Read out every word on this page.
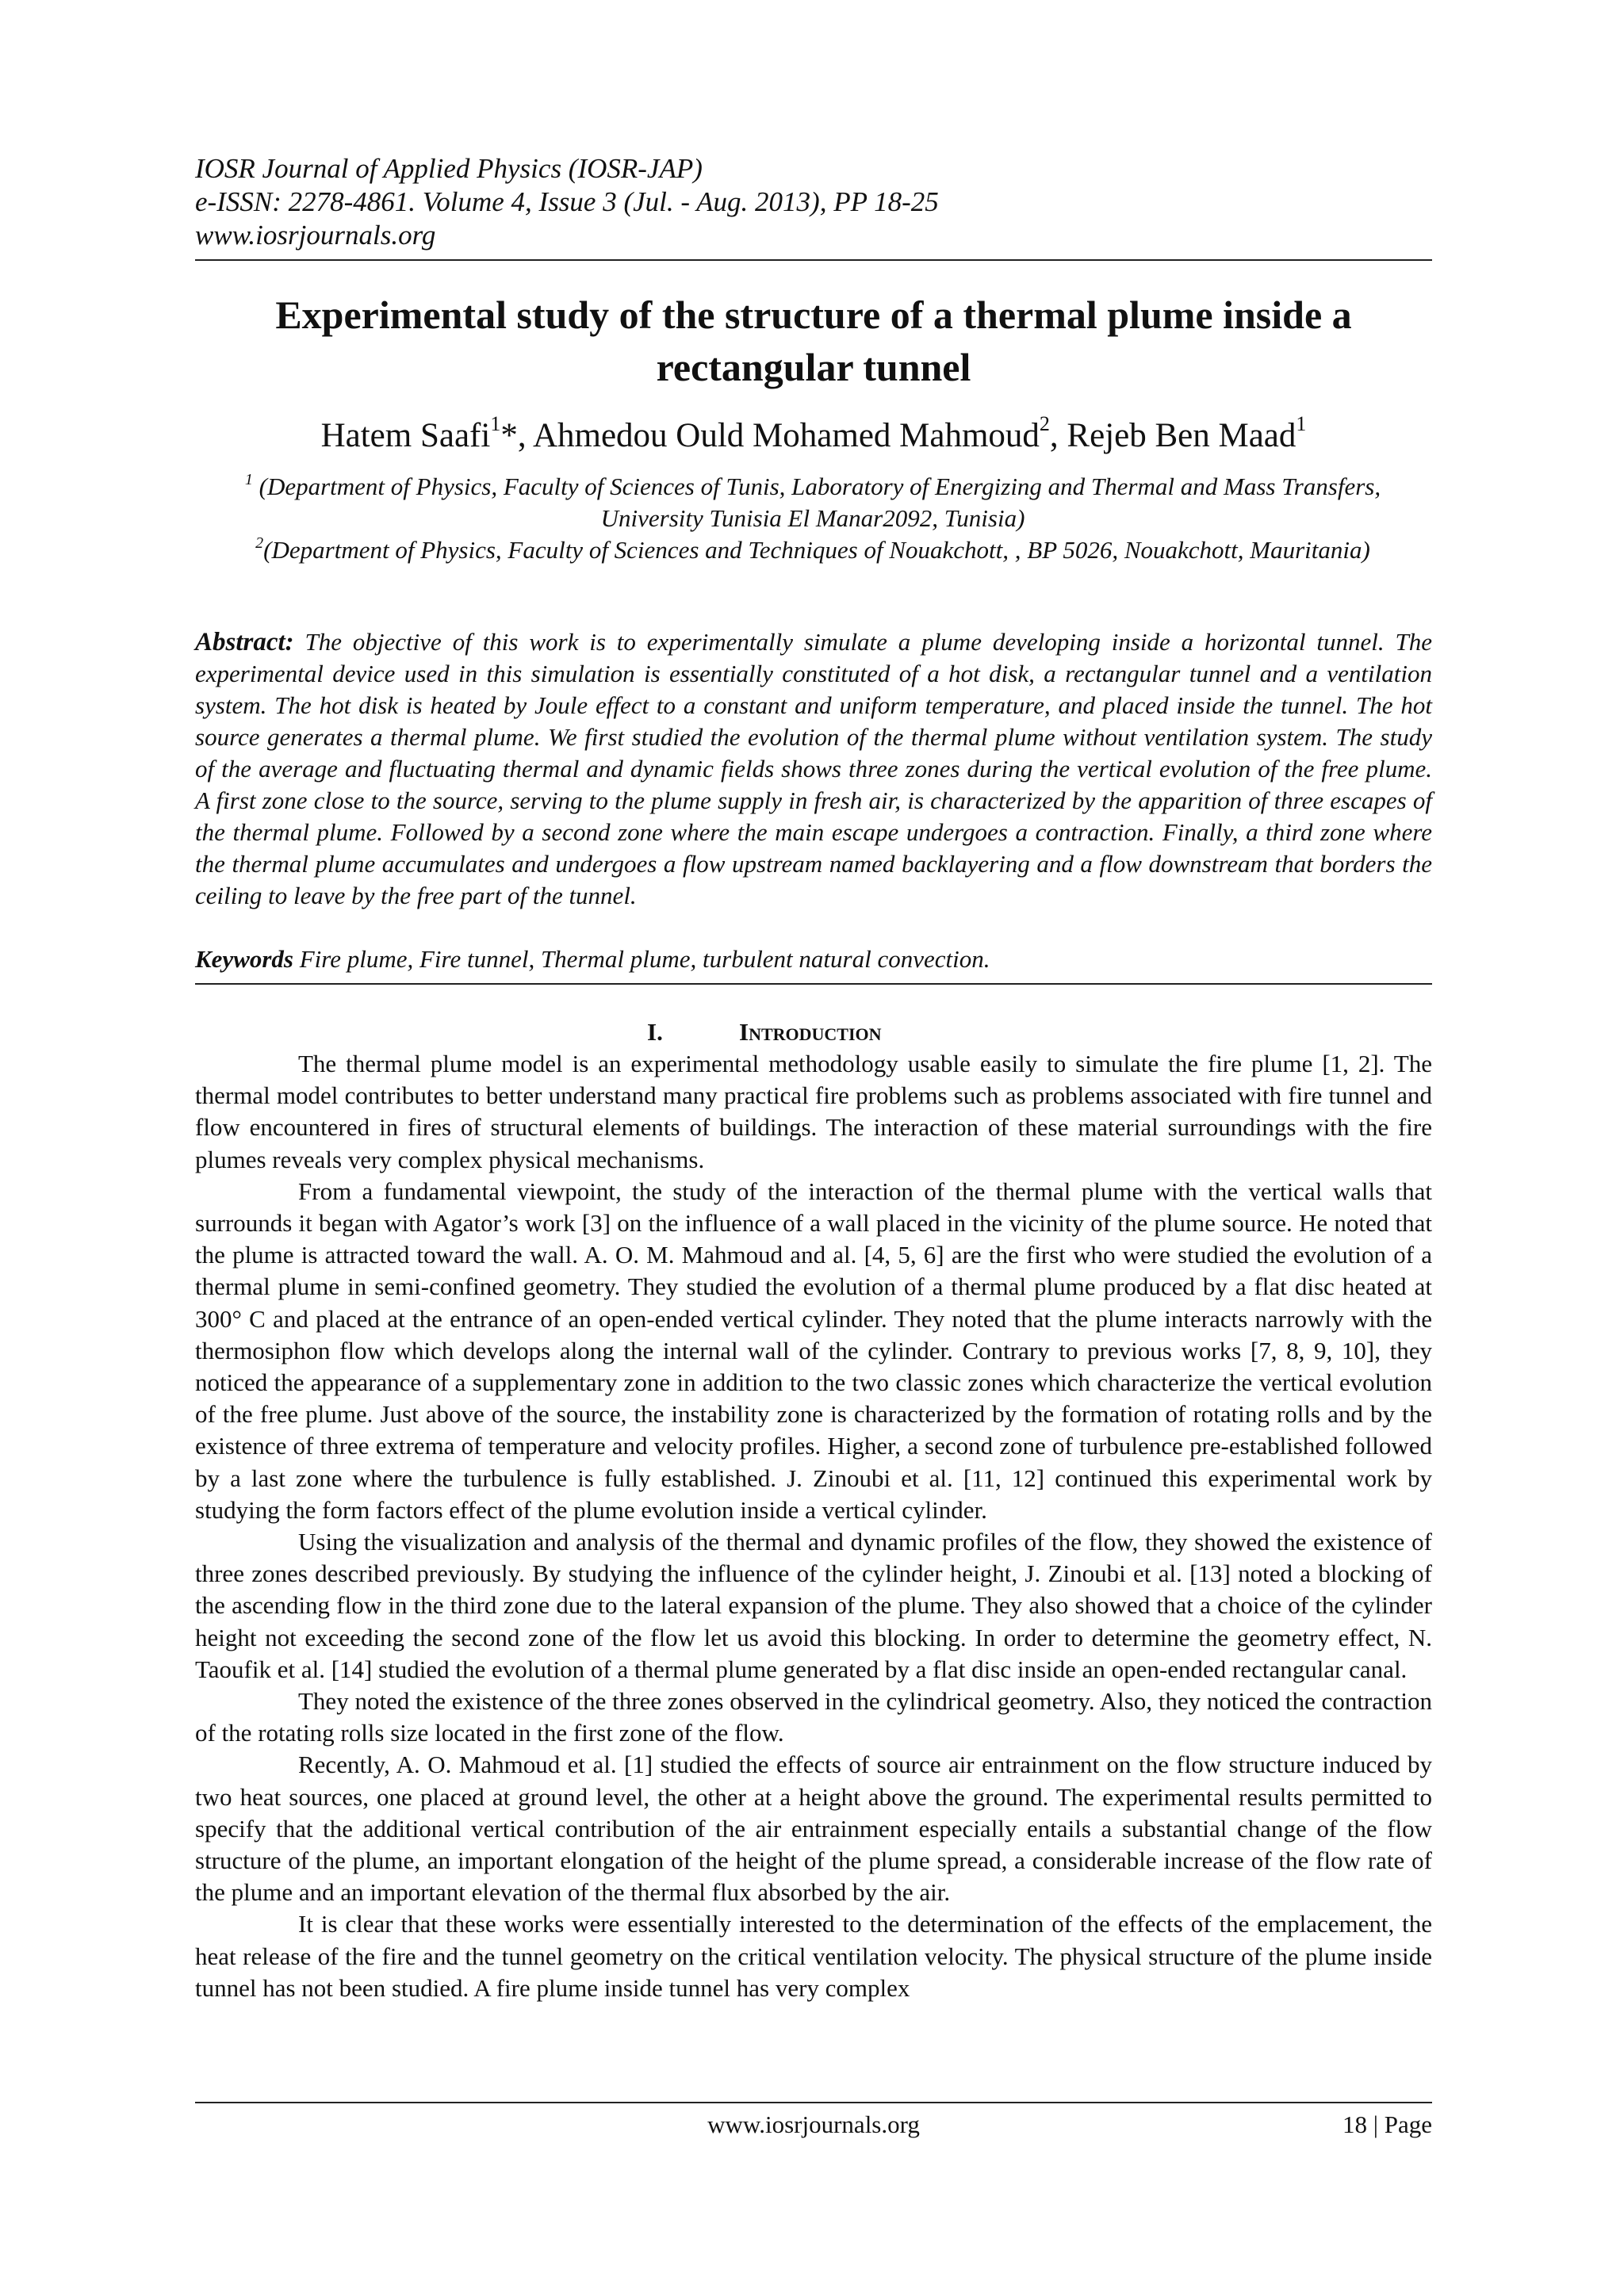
IOSR Journal of Applied Physics (IOSR-JAP)
e-ISSN: 2278-4861. Volume 4, Issue 3 (Jul. - Aug. 2013), PP 18-25
www.iosrjournals.org
Experimental study of the structure of a thermal plume inside a rectangular tunnel
Hatem Saafi$^1$*, Ahmedou Ould Mohamed Mahmoud$^2$, Rejeb Ben Maad$^1$
$^1$ (Department of Physics, Faculty of Sciences of Tunis, Laboratory of Energizing and Thermal and Mass Transfers, University Tunisia El Manar2092, Tunisia)
$^2$(Department of Physics, Faculty of Sciences and Techniques of Nouakchott, , BP 5026, Nouakchott, Mauritania)
Abstract: The objective of this work is to experimentally simulate a plume developing inside a horizontal tunnel. The experimental device used in this simulation is essentially constituted of a hot disk, a rectangular tunnel and a ventilation system. The hot disk is heated by Joule effect to a constant and uniform temperature, and placed inside the tunnel. The hot source generates a thermal plume. We first studied the evolution of the thermal plume without ventilation system. The study of the average and fluctuating thermal and dynamic fields shows three zones during the vertical evolution of the free plume. A first zone close to the source, serving to the plume supply in fresh air, is characterized by the apparition of three escapes of the thermal plume. Followed by a second zone where the main escape undergoes a contraction. Finally, a third zone where the thermal plume accumulates and undergoes a flow upstream named backlayering and a flow downstream that borders the ceiling to leave by the free part of the tunnel.
Keywords Fire plume, Fire tunnel, Thermal plume, turbulent natural convection.
I.	Introduction

The thermal plume model is an experimental methodology usable easily to simulate the fire plume [1, 2]. The thermal model contributes to better understand many practical fire problems such as problems associated with fire tunnel and flow encountered in fires of structural elements of buildings. The interaction of these material surroundings with the fire plumes reveals very complex physical mechanisms.

From a fundamental viewpoint, the study of the interaction of the thermal plume with the vertical walls that surrounds it began with Agator’s work [3] on the influence of a wall placed in the vicinity of the plume source. He noted that the plume is attracted toward the wall. A. O. M. Mahmoud and al. [4, 5, 6] are the first who were studied the evolution of a thermal plume in semi-confined geometry. They studied the evolution of a thermal plume produced by a flat disc heated at 300° C and placed at the entrance of an open-ended vertical cylinder. They noted that the plume interacts narrowly with the thermosiphon flow which develops along the internal wall of the cylinder. Contrary to previous works [7, 8, 9, 10], they noticed the appearance of a supplementary zone in addition to the two classic zones which characterize the vertical evolution of the free plume. Just above of the source, the instability zone is characterized by the formation of rotating rolls and by the existence of three extrema of temperature and velocity profiles. Higher, a second zone of turbulence pre-established followed by a last zone where the turbulence is fully established. J. Zinoubi et al. [11, 12] continued this experimental work by studying the form factors effect of the plume evolution inside a vertical cylinder.

Using the visualization and analysis of the thermal and dynamic profiles of the flow, they showed the existence of three zones described previously. By studying the influence of the cylinder height, J. Zinoubi et al. [13] noted a blocking of the ascending flow in the third zone due to the lateral expansion of the plume. They also showed that a choice of the cylinder height not exceeding the second zone of the flow let us avoid this blocking. In order to determine the geometry effect, N. Taoufik et al. [14] studied the evolution of a thermal plume generated by a flat disc inside an open-ended rectangular canal.

They noted the existence of the three zones observed in the cylindrical geometry. Also, they noticed the contraction of the rotating rolls size located in the first zone of the flow.

Recently, A. O. Mahmoud et al. [1] studied the effects of source air entrainment on the flow structure induced by two heat sources, one placed at ground level, the other at a height above the ground. The experimental results permitted to specify that the additional vertical contribution of the air entrainment especially entails a substantial change of the flow structure of the plume, an important elongation of the height of the plume spread, a considerable increase of the flow rate of the plume and an important elevation of the thermal flux absorbed by the air.

It is clear that these works were essentially interested to the determination of the effects of the emplacement, the heat release of the fire and the tunnel geometry on the critical ventilation velocity. The physical structure of the plume inside tunnel has not been studied. A fire plume inside tunnel has very complex

www.iosrjournals.org	18 | Page
